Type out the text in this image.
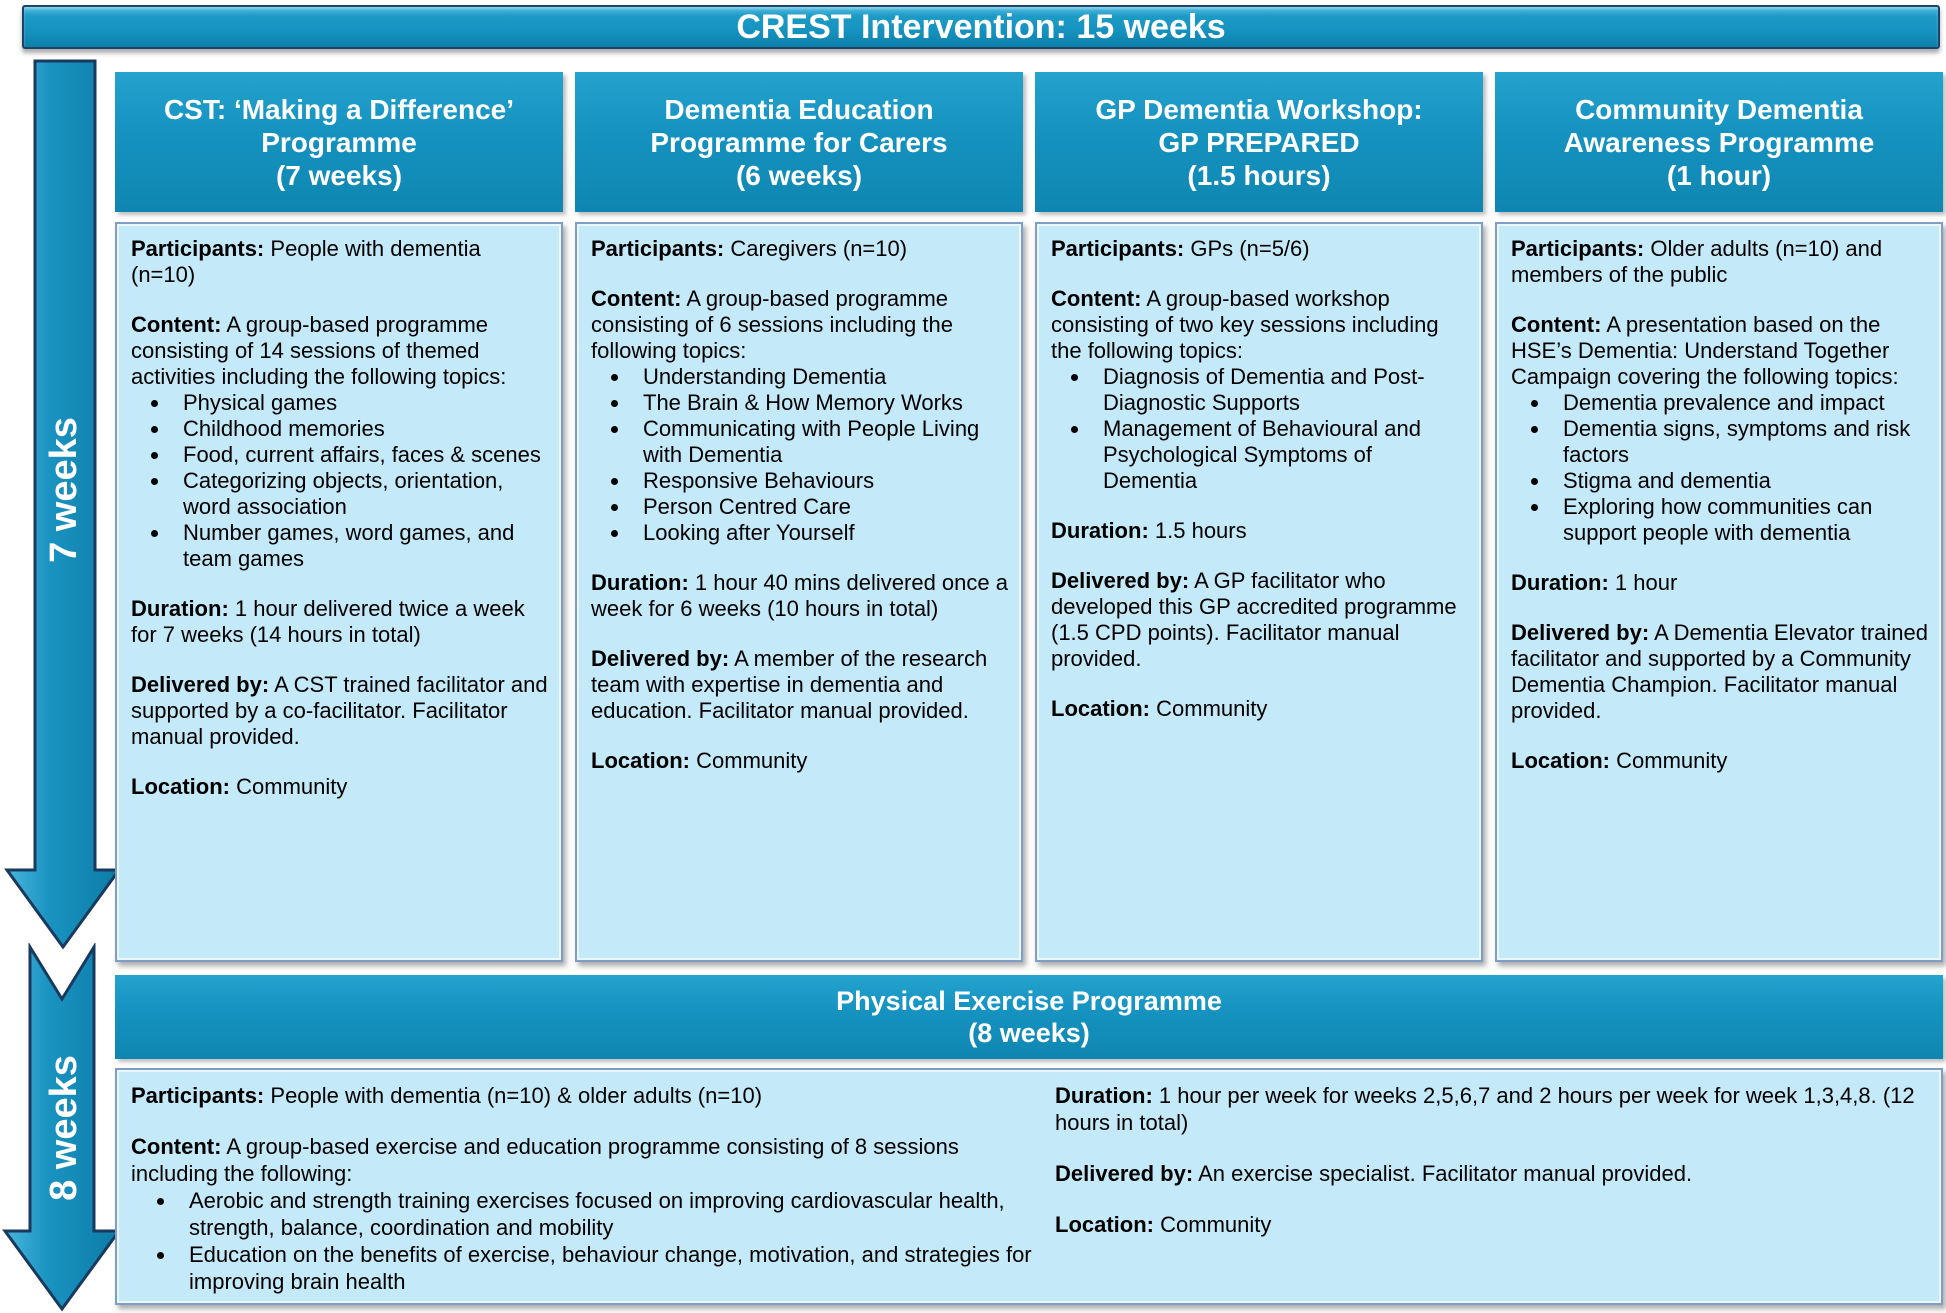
CREST Intervention: 15 weeks
7 weeks
8 weeks
CST: ‘Making a Difference’
Programme
(7 weeks)

Participants: People with dementia (n=10)

Content: A group-based programme consisting of 14 sessions of themed activities including the following topics:

• Physical games
• Childhood memories
• Food, current affairs, faces & scenes
• Categorizing objects, orientation, word association
• Number games, word games, and team games

Duration: 1 hour delivered twice a week for 7 weeks (14 hours in total)

Delivered by: A CST trained facilitator and supported by a co-facilitator. Facilitator manual provided.

Location: Community

Dementia Education
Programme for Carers
(6 weeks)

Participants: Caregivers (n=10)

Content: A group-based programme consisting of 6 sessions including the following topics:

• Understanding Dementia
• The Brain & How Memory Works
• Communicating with People Living with Dementia
• Responsive Behaviours
• Person Centred Care
• Looking after Yourself

Duration: 1 hour 40 mins delivered once a week for 6 weeks (10 hours in total)

Delivered by: A member of the research team with expertise in dementia and education. Facilitator manual provided.

Location: Community

GP Dementia Workshop:
GP PREPARED
(1.5 hours)

Participants: GPs (n=5/6)

Content: A group-based workshop consisting of two key sessions including the following topics:

• Diagnosis of Dementia and Post-Diagnostic Supports
• Management of Behavioural and Psychological Symptoms of Dementia

Duration: 1.5 hours

Delivered by: A GP facilitator who developed this GP accredited programme (1.5 CPD points). Facilitator manual provided.

Location: Community

Community Dementia
Awareness Programme
(1 hour)

Participants: Older adults (n=10) and members of the public

Content: A presentation based on the HSE’s Dementia: Understand Together Campaign covering the following topics:

• Dementia prevalence and impact
• Dementia signs, symptoms and risk factors
• Stigma and dementia
• Exploring how communities can support people with dementia

Duration: 1 hour

Delivered by: A Dementia Elevator trained facilitator and supported by a Community Dementia Champion. Facilitator manual provided.

Location: Community

Physical Exercise Programme
(8 weeks)

Participants: People with dementia (n=10) & older adults (n=10)

Content: A group-based exercise and education programme consisting of 8 sessions including the following:

• Aerobic and strength training exercises focused on improving cardiovascular health, strength, balance, coordination and mobility
• Education on the benefits of exercise, behaviour change, motivation, and strategies for improving brain health

Duration: 1 hour per week for weeks 2,5,6,7 and 2 hours per week for week 1,3,4,8. (12 hours in total)

Delivered by: An exercise specialist. Facilitator manual provided.

Location: Community
